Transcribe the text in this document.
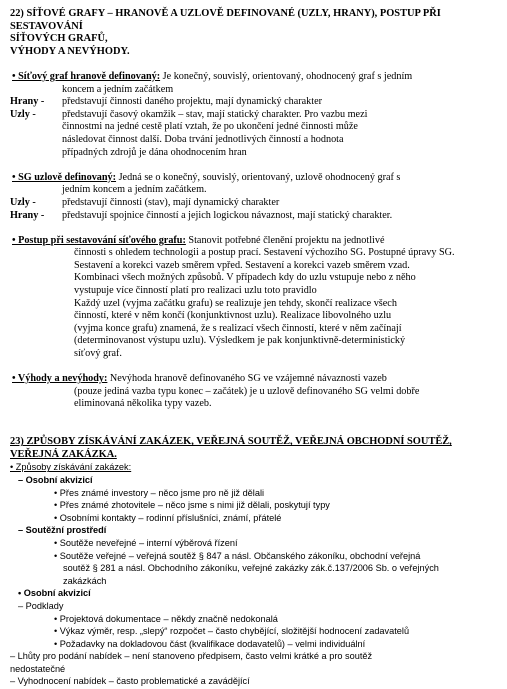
22) SÍŤOVÉ GRAFY – HRANOVĚ A UZLOVĚ DEFINOVANÉ (UZLY, HRANY), POSTUP PŘI SESTAVOVÁNÍ
SÍŤOVÝCH GRAFŮ,
VÝHODY A NEVÝHODY.
• Síťový graf hranově definovaný: Je konečný, souvislý, orientovaný, ohodnocený graf s jedním
koncem a jedním začátkem
Hrany -	představují činnosti daného projektu, mají dynamický charakter
Uzly -	představují časový okamžik – stav, mají statický charakter. Pro vazbu mezi
činnostmi na jedné cestě platí vztah, že po ukončení jedné činnosti může
následovat činnost další. Doba trvání jednotlivých činností a hodnota
případných zdrojů je dána ohodnocením hran
• SG uzlově definovaný: Jedná se o konečný, souvislý, orientovaný, uzlově ohodnocený graf s
jedním koncem a jedním začátkem.
Uzly -	představují činnosti (stav), mají dynamický charakter
Hrany -	představují spojnice činností a jejich logickou návaznost, mají statický charakter.
• Postup při sestavování síťového grafu: Stanovit potřebné členění projektu na jednotlivé
činnosti s ohledem technologii a postup prací. Sestavení výchozího SG. Postupné úpravy SG.
Sestavení a korekci vazeb směrem vpřed. Sestavení a korekci vazeb směrem vzad.
Kombinaci všech možných způsobů. V případech kdy do uzlu vstupuje nebo z něho
vystupuje více činností platí pro realizaci uzlu toto pravidlo
Každý uzel (vyjma začátku grafu) se realizuje jen tehdy, skončí realizace všech
činností, které v něm končí (konjunktivnost uzlu). Realizace libovolného uzlu
(vyjma konce grafu) znamená, že s realizací všech činností, které v něm začínají
(determinovanost výstupu uzlu). Výsledkem je pak konjunktivně-deterministický
síťový graf.
• Výhody a nevýhody: Nevýhoda hranově definovaného SG ve vzájemné návaznosti vazeb
(pouze jediná vazba typu konec – začátek) je u uzlově definovaného SG velmi dobře
eliminovaná několika typy vazeb.
23) ZPŮSOBY ZÍSKÁVÁNÍ ZAKÁZEK, VEŘEJNÁ SOUTĚŽ, VEŘEJNÁ OBCHODNÍ SOUTĚŽ, VEŘEJNÁ ZAKÁZKA.
• Způsoby získávání zakázek:
– Osobní akvizicí
• Přes známé investory – něco jsme pro ně již dělali
• Přes známé zhotovitele – něco jsme s nimi již dělali, poskytují typy
• Osobními kontakty – rodinní příslušníci, známí, přátelé
– Soutěžní prostředí
• Soutěže neveřejné – interní výběrová řízení
• Soutěže veřejné – veřejná soutěž § 847 a násl. Občanského zákoníku, obchodní veřejná
soutěž § 281 a násl. Obchodního zákoníku, veřejné zakázky zák.č.137/2006 Sb. o veřejných
zakázkách
• Osobní akvizicí
– Podklady
• Projektová dokumentace – někdy značně nedokonalá
• Výkaz výměr, resp. „slepý“ rozpočet – často chybějící, složitější hodnocení zadavatelů
• Požadavky na dokladovou část (kvalifikace dodavatelů) – velmi individuální
– Lhůty pro podání nabídek – není stanoveno předpisem, často velmi krátké a pro soutěž
nedostatečné
– Vyhodnocení nabídek – často problematické a zavádějící
